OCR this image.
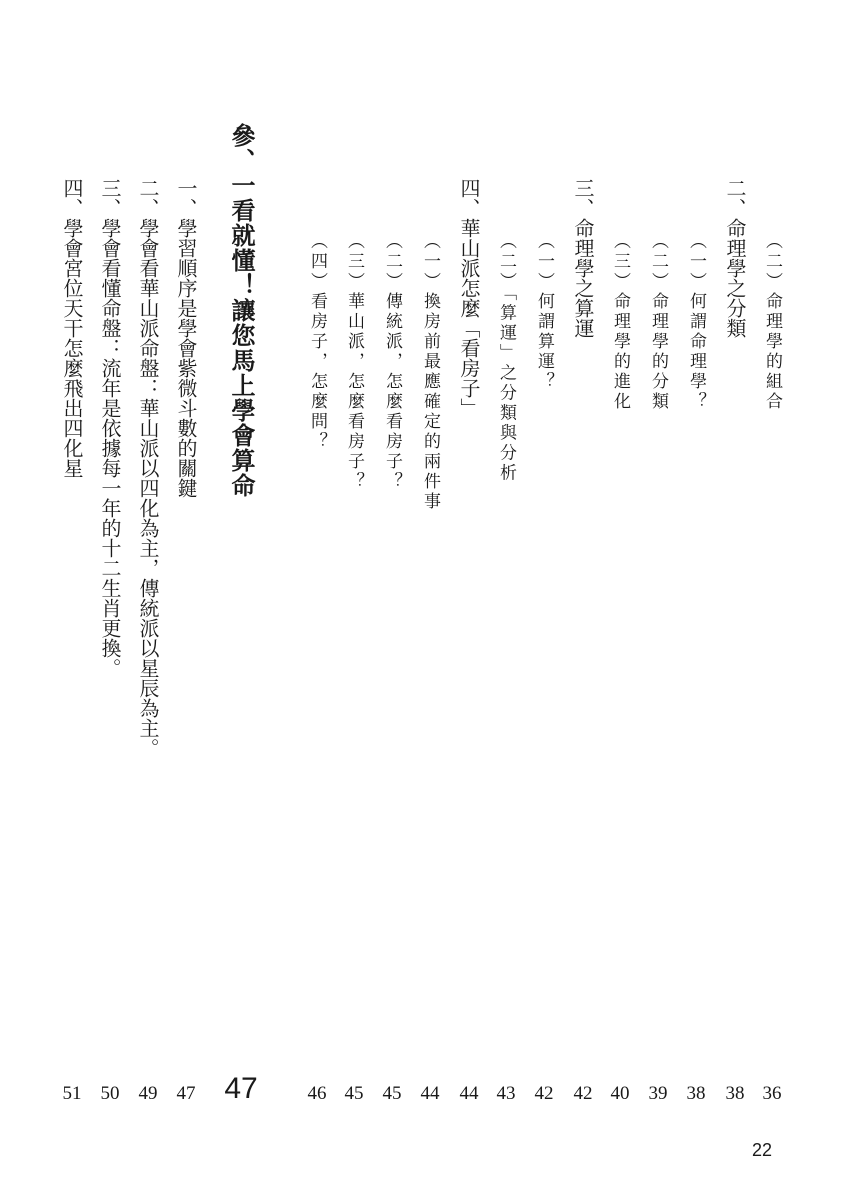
（二）命理學的組合
36
二、命理學之分類
38
（一）何謂命理學？
38
（二）命理學的分類
39
（三）命理學的進化
40
三、命理學之算運
42
（一）何謂算運？
42
（二）「算運」之分類與分析
43
四、華山派怎麼「看房子」
44
（一）換房前最應確定的兩件事
44
（二）傳統派，怎麼看房子？
45
（三）華山派，怎麼看房子？
45
（四）看房子，怎麼問？
46
參、一看就懂！讓您馬上學會算命
47
一、學習順序是學會紫微斗數的關鍵
47
二、學會看華山派命盤：華山派以四化為主，傳統派以星辰為主。
49
三、學會看懂命盤：流年是依據每一年的十二生肖更換。
50
四、學會宮位天干怎麼飛出四化星
51
22
